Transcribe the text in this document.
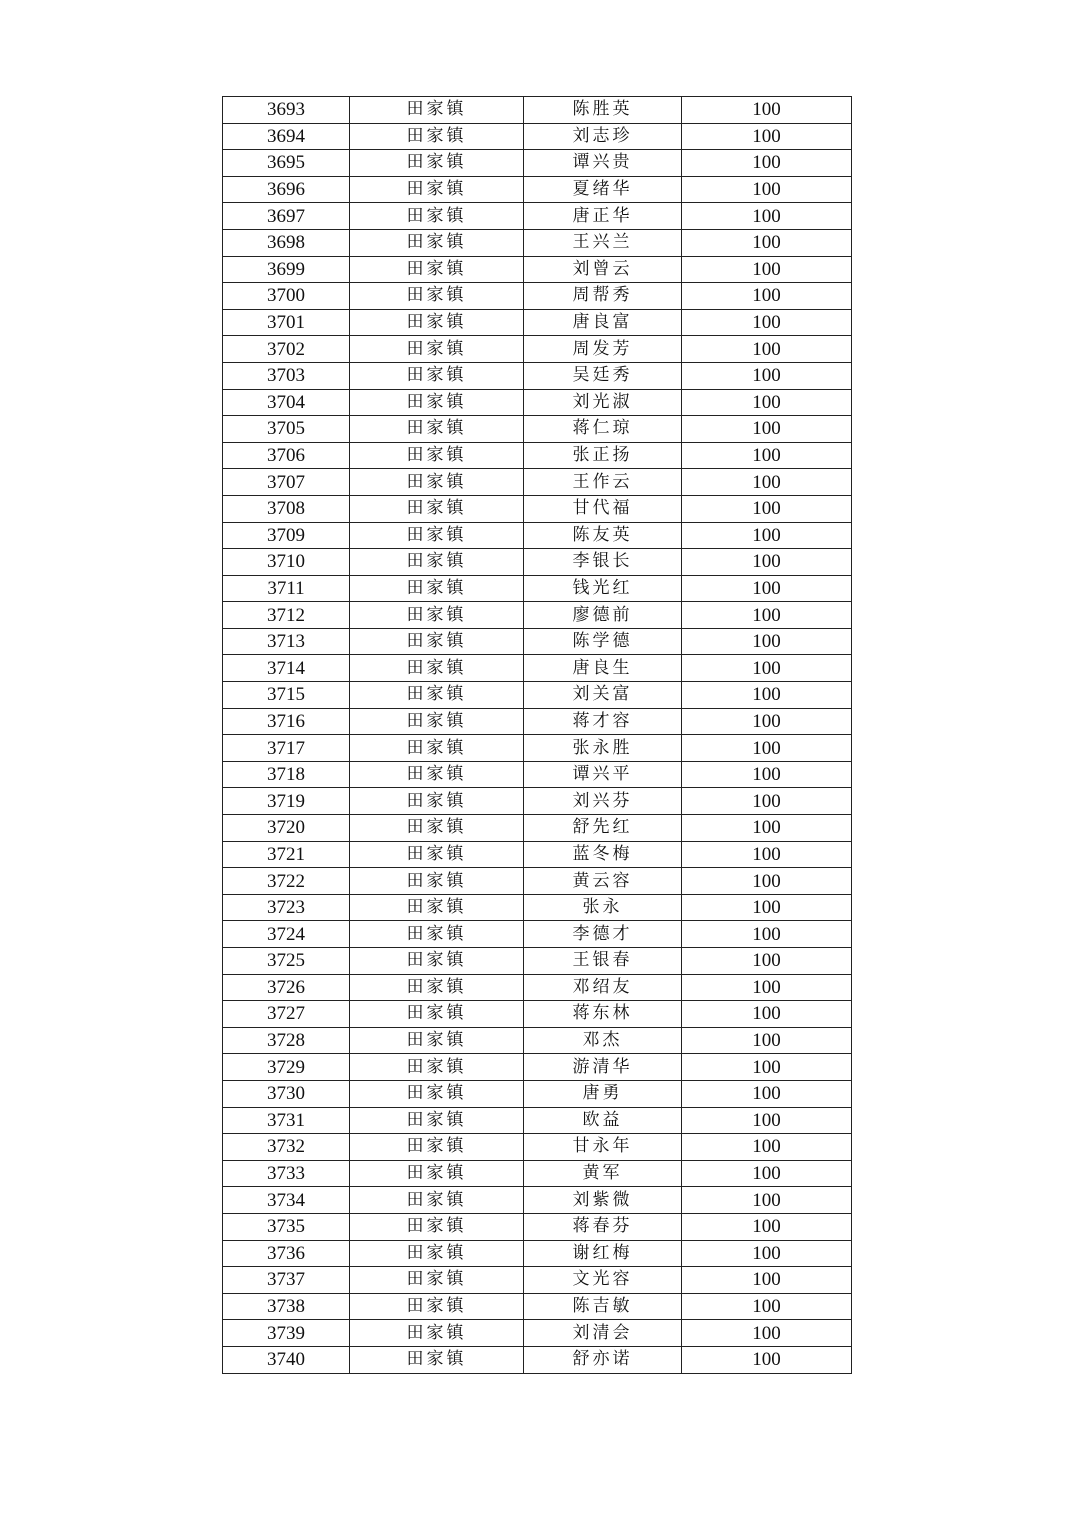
3693	田家镇	陈胜英	100
3694	田家镇	刘志珍	100
3695	田家镇	谭兴贵	100
3696	田家镇	夏绪华	100
3697	田家镇	唐正华	100
3698	田家镇	王兴兰	100
3699	田家镇	刘曾云	100
3700	田家镇	周帮秀	100
3701	田家镇	唐良富	100
3702	田家镇	周发芳	100
3703	田家镇	吴廷秀	100
3704	田家镇	刘光淑	100
3705	田家镇	蒋仁琼	100
3706	田家镇	张正扬	100
3707	田家镇	王作云	100
3708	田家镇	甘代福	100
3709	田家镇	陈友英	100
3710	田家镇	李银长	100
3711	田家镇	钱光红	100
3712	田家镇	廖德前	100
3713	田家镇	陈学德	100
3714	田家镇	唐良生	100
3715	田家镇	刘关富	100
3716	田家镇	蒋才容	100
3717	田家镇	张永胜	100
3718	田家镇	谭兴平	100
3719	田家镇	刘兴芬	100
3720	田家镇	舒先红	100
3721	田家镇	蓝冬梅	100
3722	田家镇	黄云容	100
3723	田家镇	张永	100
3724	田家镇	李德才	100
3725	田家镇	王银春	100
3726	田家镇	邓绍友	100
3727	田家镇	蒋东林	100
3728	田家镇	邓杰	100
3729	田家镇	游清华	100
3730	田家镇	唐勇	100
3731	田家镇	欧益	100
3732	田家镇	甘永年	100
3733	田家镇	黄军	100
3734	田家镇	刘紫微	100
3735	田家镇	蒋春芬	100
3736	田家镇	谢红梅	100
3737	田家镇	文光容	100
3738	田家镇	陈吉敏	100
3739	田家镇	刘清会	100
3740	田家镇	舒亦诺	100
